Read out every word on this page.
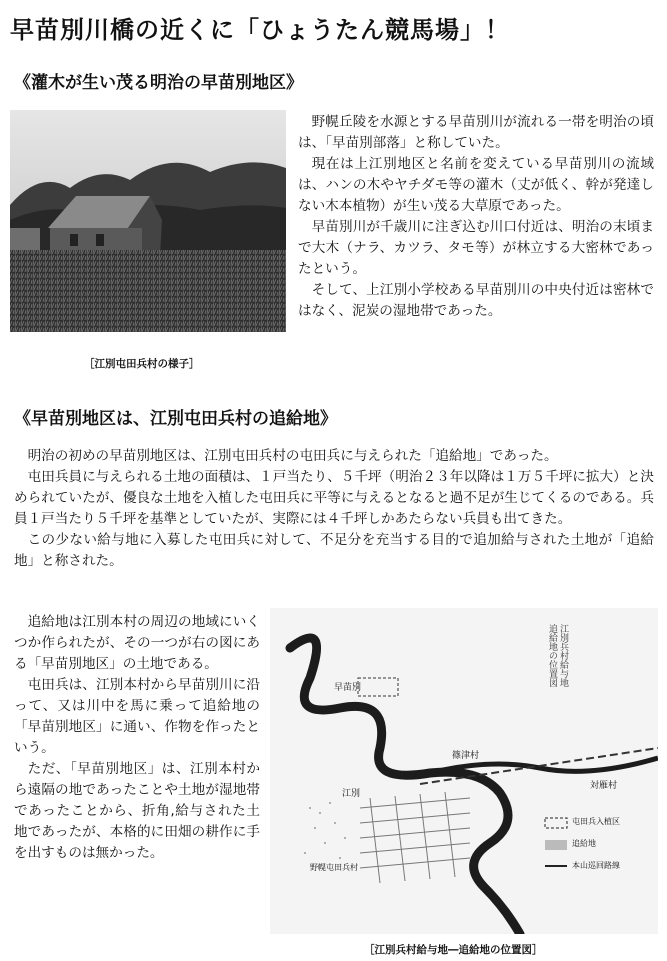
早苗別川橋の近くに「ひょうたん競馬場」！
《灌木が生い茂る明治の早苗別地区》
［江別屯田兵村の様子］

野幌丘陵を水源とする早苗別川が流れる一帯を明治の頃は、「早苗別部落」と称していた。

現在は上江別地区と名前を変えている早苗別川の流域は、ハンの木やヤチダモ等の灌木（丈が低く、幹が発達しない木本植物）が生い茂る大草原であった。

早苗別川が千歳川に注ぎ込む川口付近は、明治の末頃まで大木（ナラ、カツラ、タモ等）が林立する大密林であったという。

そして、上江別小学校ある早苗別川の中央付近は密林ではなく、泥炭の湿地帯であった。

《早苗別地区は、江別屯田兵村の追給地》

明治の初めの早苗別地区は、江別屯田兵村の屯田兵に与えられた「追給地」であった。

屯田兵員に与えられる土地の面積は、１戸当たり、５千坪（明治２３年以降は１万５千坪に拡大）と決められていたが、優良な土地を入植した屯田兵に平等に与えるとなると過不足が生じてくるのである。兵員１戸当たり５千坪を基準としていたが、実際には４千坪しかあたらない兵員も出てきた。

この少ない給与地に入募した屯田兵に対して、不足分を充当する目的で追加給与された土地が「追給地」と称された。

追給地は江別本村の周辺の地域にいくつか作られたが、その一つが右の図にある「早苗別地区」の土地である。

屯田兵は、江別本村から早苗別川に沿って、又は川中を馬に乗って追給地の「早苗別地区」に通い、作物を作ったという。

ただ、「早苗別地区」は、江別本村から遠隔の地であったことや土地が湿地帯であったことから、折角,給与された土地であったが、本格的に田畑の耕作に手を出すものは無かった。

江別兵村給与地
追給地の位置図
早苗別
篠津村
対雁村
江別
野幌屯田兵村
屯田兵入植区
追給地
本山巡回路線
［江別兵村給与地―追給地の位置図］
